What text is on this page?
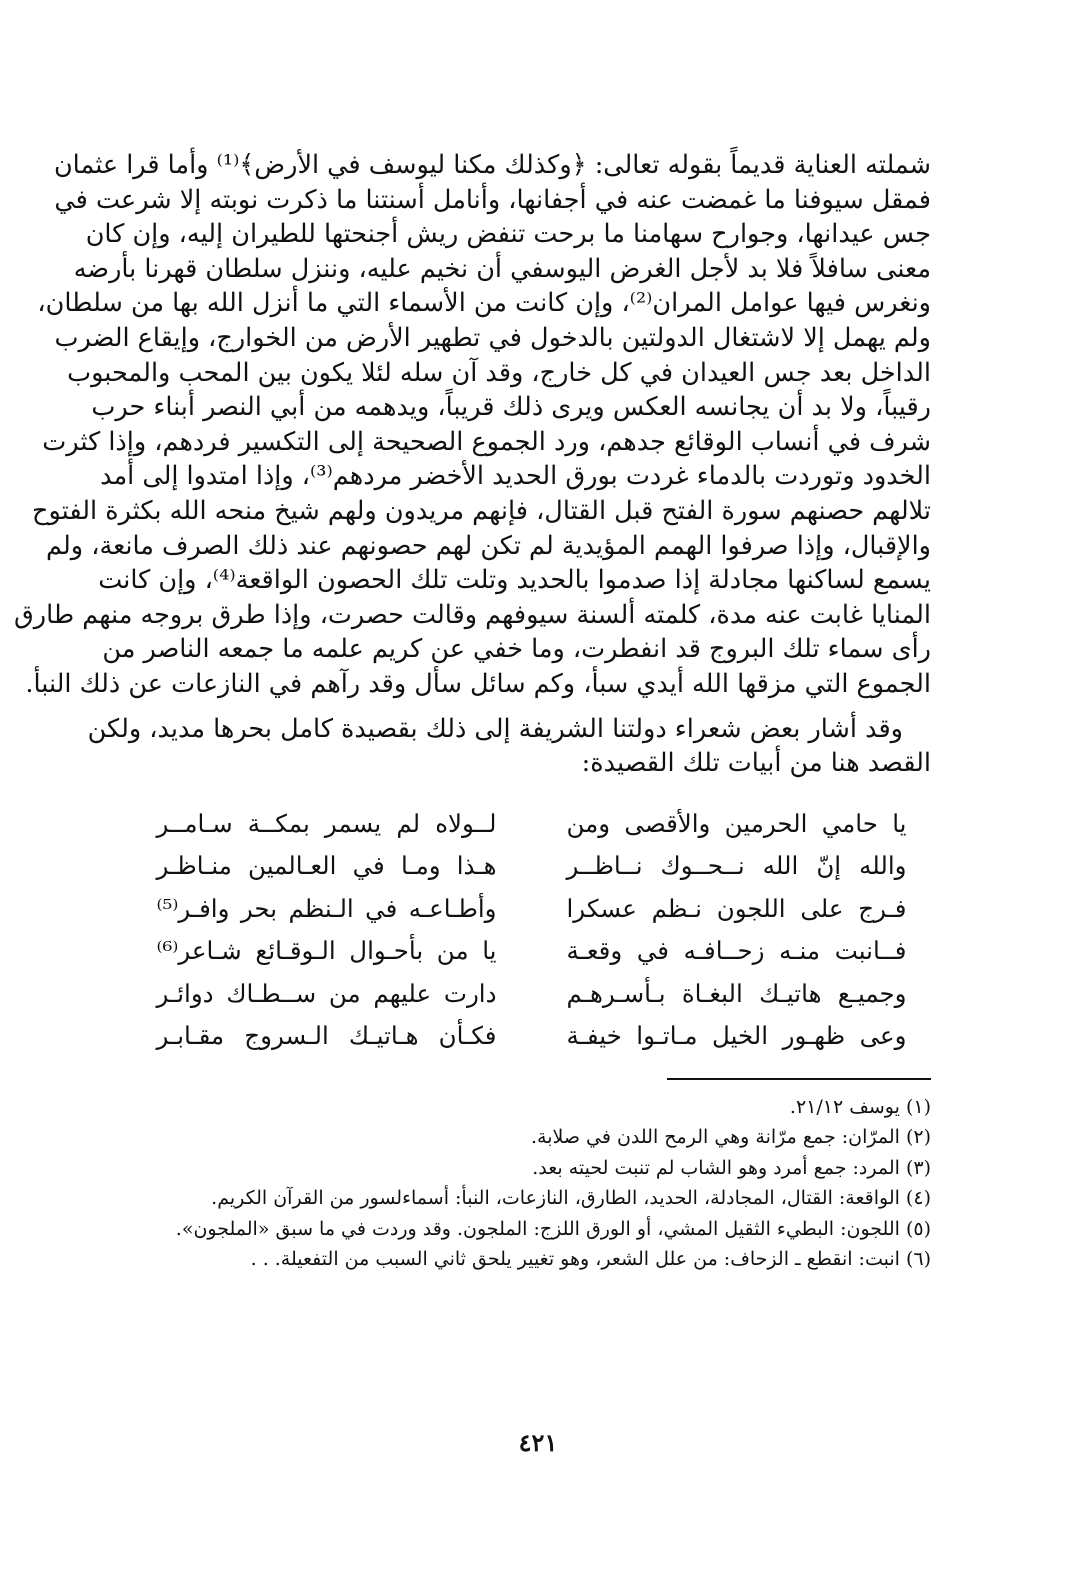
شملته العناية قديماً بقوله تعالى: ﴿وكذلك مكنا ليوسف في الأرض﴾⁽¹⁾ وأما قرا عثمان
فمقل سيوفنا ما غمضت عنه في أجفانها، وأنامل أسنتنا ما ذكرت نوبته إلا شرعت في
جس عيدانها، وجوارح سهامنا ما برحت تنفض ريش أجنحتها للطيران إليه، وإن كان
معنى سافلاً فلا بد لأجل الغرض اليوسفي أن نخيم عليه، وننزل سلطان قهرنا بأرضه
ونغرس فيها عوامل المران⁽²⁾، وإن كانت من الأسماء التي ما أنزل الله بها من سلطان،
ولم يهمل إلا لاشتغال الدولتين بالدخول في تطهير الأرض من الخوارج، وإيقاع الضرب
الداخل بعد جس العيدان في كل خارج، وقد آن سله لئلا يكون بين المحب والمحبوب
رقيباً، ولا بد أن يجانسه العكس ويرى ذلك قريباً، ويدهمه من أبي النصر أبناء حرب
شرف في أنساب الوقائع جدهم، ورد الجموع الصحيحة إلى التكسير فردهم، وإذا كثرت
الخدود وتوردت بالدماء غردت بورق الحديد الأخضر مردهم⁽³⁾، وإذا امتدوا إلى أمد
تلالهم حصنهم سورة الفتح قبل القتال، فإنهم مريدون ولهم شيخ منحه الله بكثرة الفتوح
والإقبال، وإذا صرفوا الهمم المؤيدية لم تكن لهم حصونهم عند ذلك الصرف مانعة، ولم
يسمع لساكنها مجادلة إذا صدموا بالحديد وتلت تلك الحصون الواقعة⁽⁴⁾، وإن كانت
المنايا غابت عنه مدة، كلمته ألسنة سيوفهم وقالت حصرت، وإذا طرق بروجه منهم طارق
رأى سماء تلك البروج قد انفطرت، وما خفي عن كريم علمه ما جمعه الناصر من
الجموع التي مزقها الله أيدي سبأ، وكم سائل سأل وقد رآهم في النازعات عن ذلك النبأ.
وقد أشار بعض شعراء دولتنا الشريفة إلى ذلك بقصيدة كامل بحرها مديد، ولكن
القصد هنا من أبيات تلك القصيدة:
يا حامي الحرمين والأقصى ومن
لــولاه لم يسمر بمكــة سـامــر
والله إنّ الله نــحــوك نــاظــر
هـذا ومـا في العـالمين منـاظـر
فـرج على اللجون نـظم عسكرا
وأطـاعـه في الـنظم بحر وافـر⁽⁵⁾
فــانبت منـه زحــافـه في وقعـة
يا من بأحـوال الـوقـائع شـاعر⁽⁶⁾
وجميـع هاتيـك البغـاة بـأسـرهـم
دارت عليهم من ســطـاك دوائـر
وعى ظهـور الخيل مـاتـوا خيفـة
فكـأن هـاتيـك الـسروج مقـابـر
(١) يوسف ٢١/١٢.
(٢) المرّان: جمع مرّانة وهي الرمح اللدن في صلابة.
(٣) المرد: جمع أمرد وهو الشاب لم تنبت لحيته بعد.
(٤) الواقعة: القتال، المجادلة، الحديد، الطارق، النازعات، النبأ: أسماءلسور من القرآن الكريم.
(٥) اللجون: البطيء الثقيل المشي، أو الورق اللزج: الملجون. وقد وردت في ما سبق «الملجون».
(٦) انبت: انقطع ـ الزحاف: من علل الشعر، وهو تغيير يلحق ثاني السبب من التفعيلة. . .
٤٢١
